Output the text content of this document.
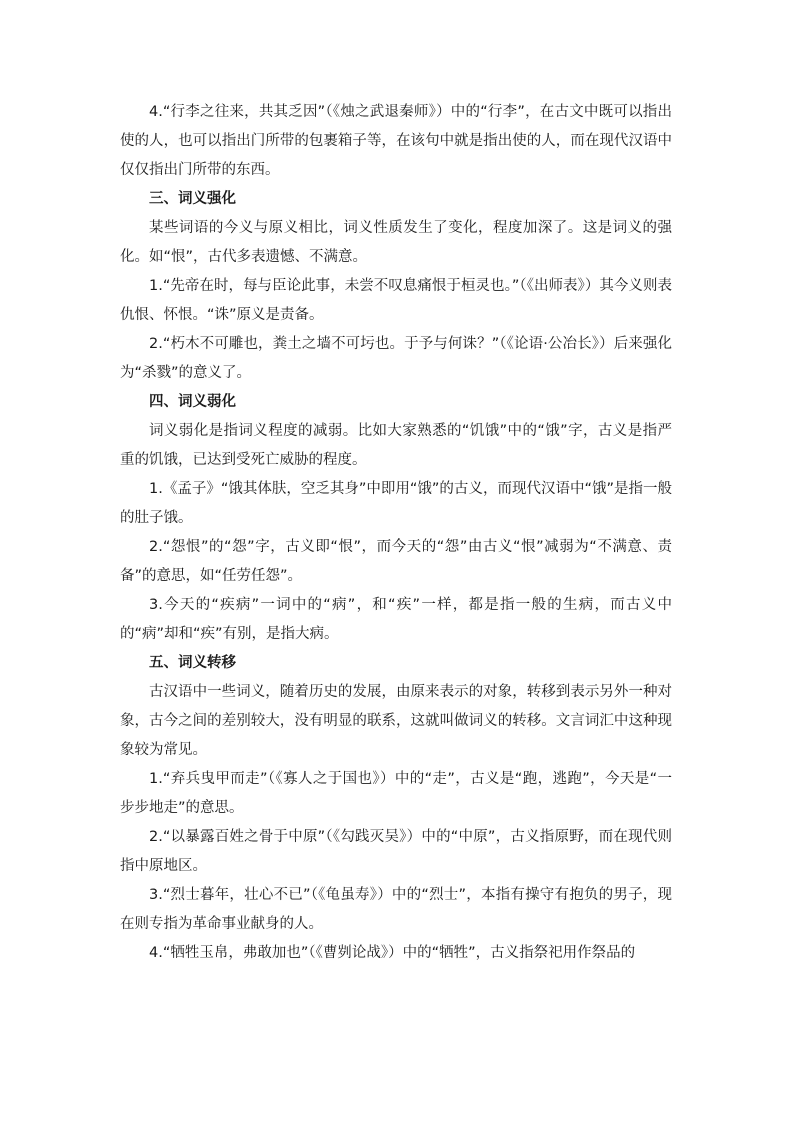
4.“行李之往来，共其乏因”（《烛之武退秦师》）中的“行李”，在古文中既可以指出使的人，也可以指出门所带的包裹箱子等，在该句中就是指出使的人，而在现代汉语中仅仅指出门所带的东西。

三、词义强化

某些词语的今义与原义相比，词义性质发生了变化，程度加深了。这是词义的强化。如“恨”，古代多表遗憾、不满意。

1.“先帝在时，每与臣论此事，未尝不叹息痛恨于桓灵也。”（《出师表》）其今义则表仇恨、怀恨。“诛”原义是责备。

2.“朽木不可雕也，粪土之墙不可圬也。于予与何诛？”（《论语·公冶长》）后来强化为“杀戮”的意义了。

四、词义弱化

词义弱化是指词义程度的减弱。比如大家熟悉的“饥饿”中的“饿”字，古义是指严重的饥饿，已达到受死亡威胁的程度。

1.《孟子》“饿其体肤，空乏其身”中即用“饿”的古义，而现代汉语中“饿”是指一般的肚子饿。

2.“怨恨”的“怨”字，古义即“恨”，而今天的“怨”由古义“恨”减弱为“不满意、责备”的意思，如“任劳任怨”。

3.今天的“疾病”一词中的“病”，和“疾”一样，都是指一般的生病，而古义中的“病”却和“疾”有别，是指大病。

五、词义转移

古汉语中一些词义，随着历史的发展，由原来表示的对象，转移到表示另外一种对象，古今之间的差别较大，没有明显的联系，这就叫做词义的转移。文言词汇中这种现象较为常见。

1.“弃兵曳甲而走”（《寡人之于国也》）中的“走”，古义是“跑，逃跑”，今天是“一步步地走”的意思。

2.“以暴露百姓之骨于中原”（《勾践灭吴》）中的“中原”，古义指原野，而在现代则指中原地区。

3.“烈士暮年，壮心不已”（《龟虽寿》）中的“烈士”，本指有操守有抱负的男子，现在则专指为革命事业献身的人。

4.“牺牲玉帛，弗敢加也”（《曹刿论战》）中的“牺牲”，古义指祭祀用作祭品的
